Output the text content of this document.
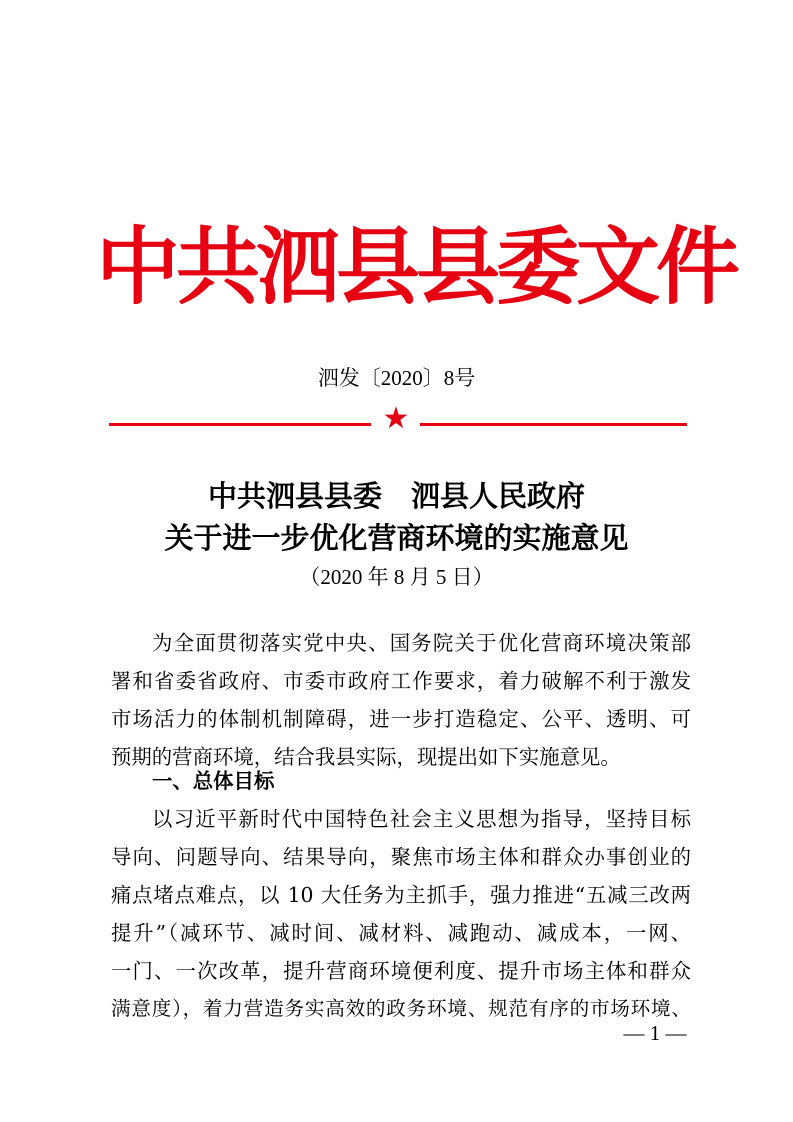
中共泗县县委文件
泗发〔2020〕8号
★
中共泗县县委　泗县人民政府
关于进一步优化营商环境的实施意见
（2020 年 8 月 5 日）
为全面贯彻落实党中央、国务院关于优化营商环境决策部
署和省委省政府、市委市政府工作要求，着力破解不利于激发
市场活力的体制机制障碍，进一步打造稳定、公平、透明、可
预期的营商环境，结合我县实际，现提出如下实施意见。
一、总体目标
以习近平新时代中国特色社会主义思想为指导，坚持目标
导向、问题导向、结果导向，聚焦市场主体和群众办事创业的
痛点堵点难点，以 10 大任务为主抓手，强力推进“五减三改两
提升”（减环节、减时间、减材料、减跑动、减成本，一网、
一门、一次改革，提升营商环境便利度、提升市场主体和群众
满意度），着力营造务实高效的政务环境、规范有序的市场环境、
— 1 —
